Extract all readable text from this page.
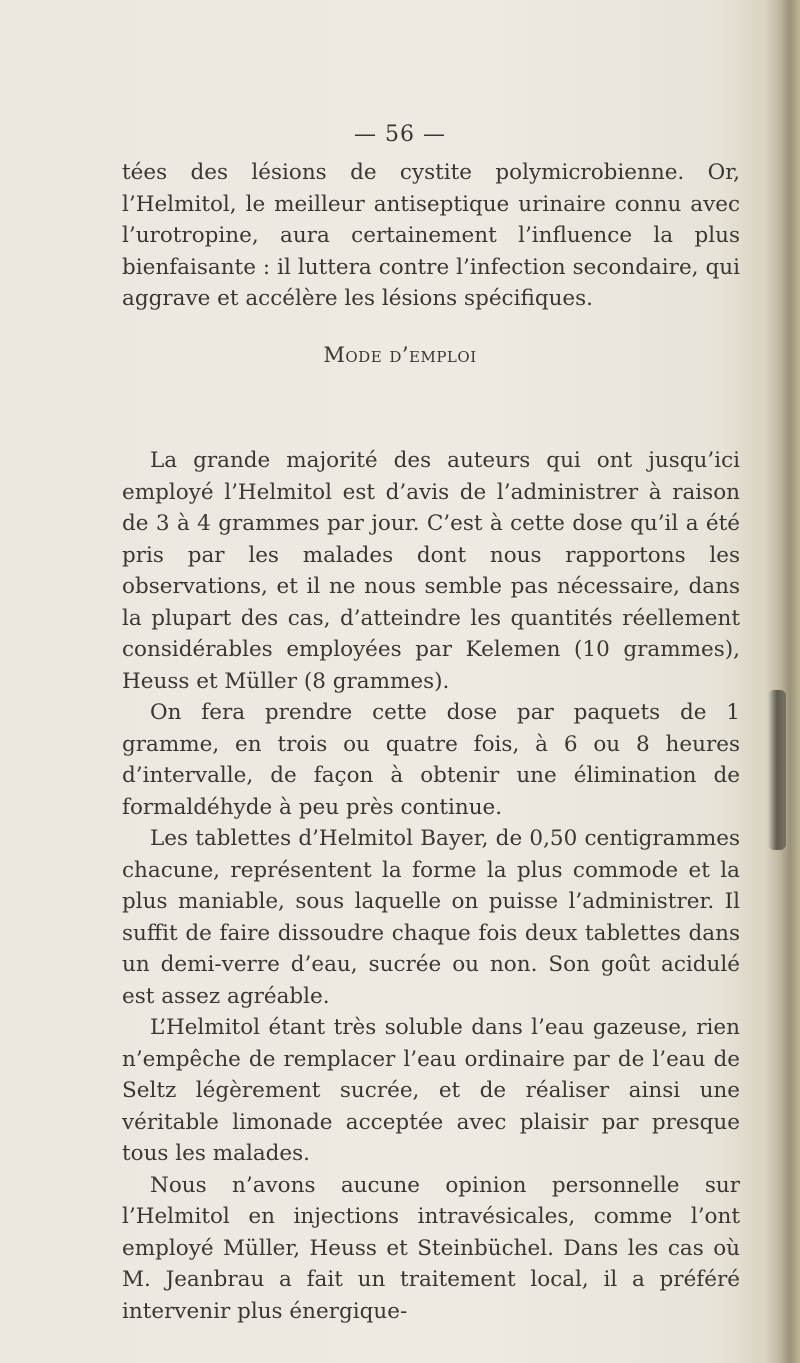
— 56 —

tées des lésions de cystite polymicrobienne. Or, l’Helmitol, le meilleur antiseptique urinaire connu avec l’urotropine, aura certainement l’influence la plus bienfaisante : il luttera contre l’infection secondaire, qui aggrave et accélère les lésions spécifiques.

Mode d’emploi

La grande majorité des auteurs qui ont jusqu’ici employé l’Helmitol est d’avis de l’administrer à raison de 3 à 4 grammes par jour. C’est à cette dose qu’il a été pris par les malades dont nous rapportons les observations, et il ne nous semble pas nécessaire, dans la plupart des cas, d’atteindre les quantités réellement considérables employées par Kelemen (10 grammes), Heuss et Müller (8 grammes).

On fera prendre cette dose par paquets de 1 gramme, en trois ou quatre fois, à 6 ou 8 heures d’intervalle, de façon à obtenir une élimination de formaldéhyde à peu près continue.

Les tablettes d’Helmitol Bayer, de 0,50 centigrammes chacune, représentent la forme la plus commode et la plus maniable, sous laquelle on puisse l’administrer. Il suffit de faire dissoudre chaque fois deux tablettes dans un demi-verre d’eau, sucrée ou non. Son goût acidulé est assez agréable.

L’Helmitol étant très soluble dans l’eau gazeuse, rien n’empêche de remplacer l’eau ordinaire par de l’eau de Seltz légèrement sucrée, et de réaliser ainsi une véritable limonade acceptée avec plaisir par presque tous les malades.

Nous n’avons aucune opinion personnelle sur l’Helmitol en injections intravésicales, comme l’ont employé Müller, Heuss et Steinbüchel. Dans les cas où M. Jeanbrau a fait un traitement local, il a préféré intervenir plus énergique-
